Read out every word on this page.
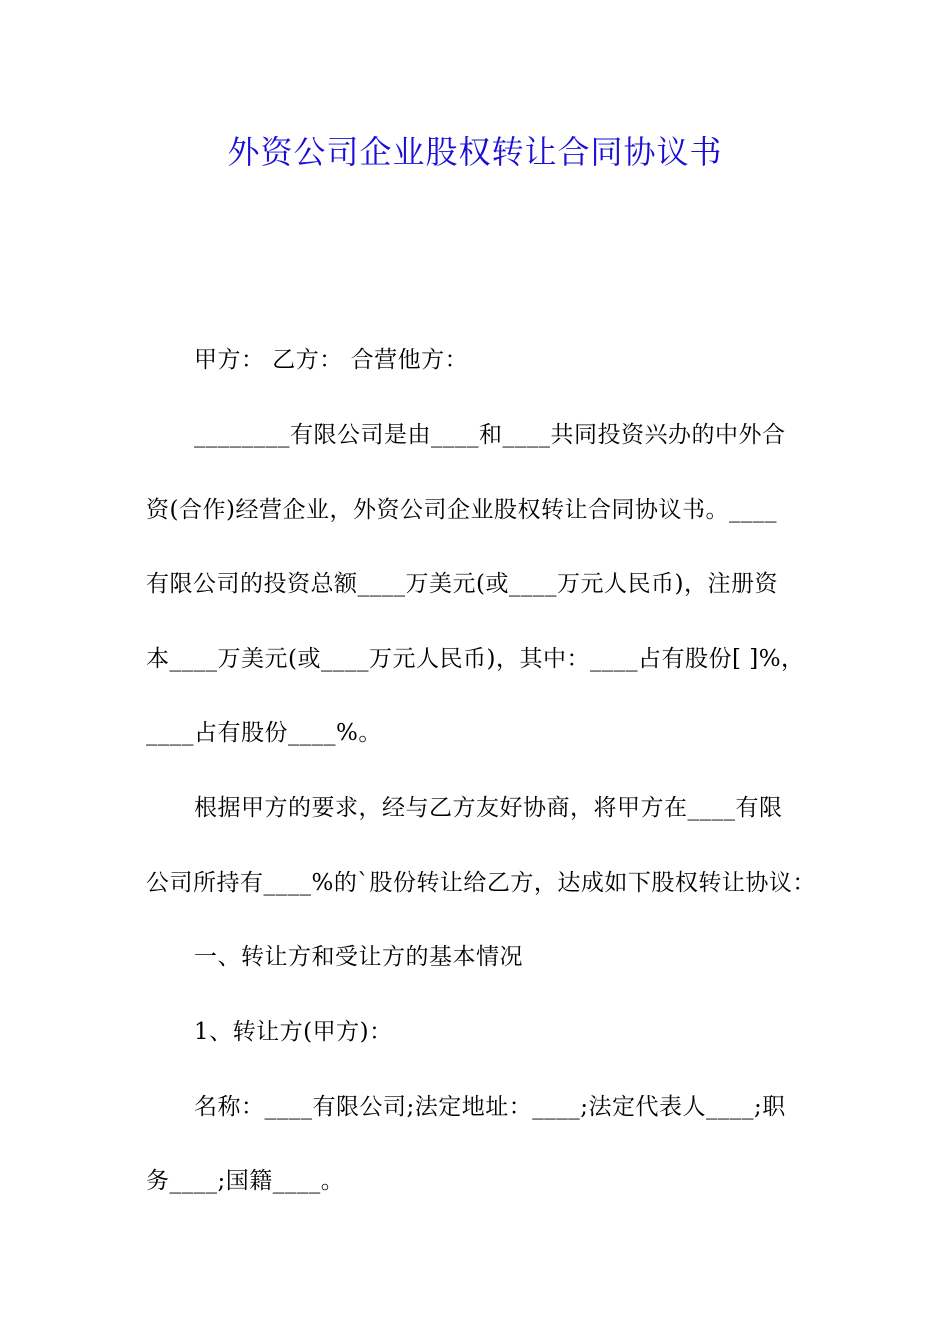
外资公司企业股权转让合同协议书
甲方： 乙方： 合营他方：
________有限公司是由____和____共同投资兴办的中外合
资(合作)经营企业，外资公司企业股权转让合同协议书。____
有限公司的投资总额____万美元(或____万元人民币)，注册资
本____万美元(或____万元人民币)，其中：____占有股份[ ]%，
____占有股份____%。
根据甲方的要求，经与乙方友好协商，将甲方在____有限
公司所持有____%的`股份转让给乙方，达成如下股权转让协议：
一、转让方和受让方的基本情况
1、转让方(甲方)：
名称：____有限公司;法定地址：____;法定代表人____;职
务____;国籍____。
